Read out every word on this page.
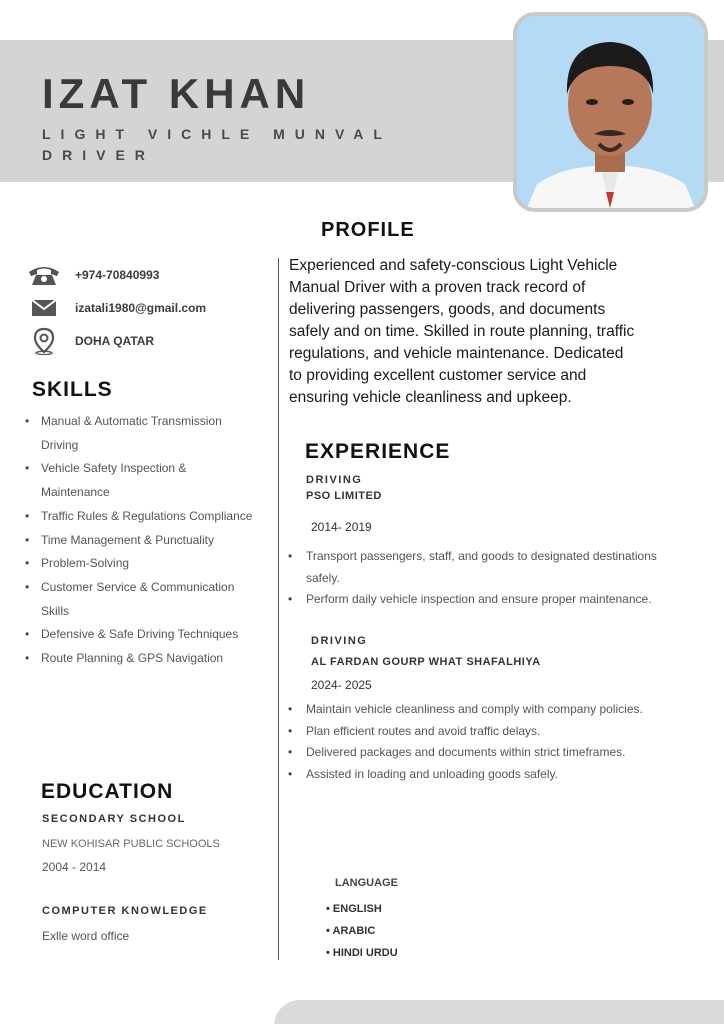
IZAT KHAN
LIGHT VICHLE MUNVAL DRIVER
+974-70840993
izatali1980@gmail.com
DOHA QATAR
SKILLS
• Manual & Automatic Transmission Driving
• Vehicle Safety Inspection & Maintenance
• Traffic Rules & Regulations Compliance
• Time Management & Punctuality
• Problem-Solving
• Customer Service & Communication Skills
• Defensive & Safe Driving Techniques
• Route Planning & GPS Navigation
EDUCATION
SECONDARY SCHOOL
NEW KOHISAR PUBLIC SCHOOLS
2004 - 2014
COMPUTER KNOWLEDGE
Exlle word office
PROFILE
Experienced and safety-conscious Light Vehicle Manual Driver with a proven track record of delivering passengers, goods, and documents safely and on time. Skilled in route planning, traffic regulations, and vehicle maintenance. Dedicated to providing excellent customer service and ensuring vehicle cleanliness and upkeep.
EXPERIENCE
DRIVING
PSO LIMITED
2014- 2019
• Transport passengers, staff, and goods to designated destinations safely.
• Perform daily vehicle inspection and ensure proper maintenance.
DRIVING
AL FARDAN GOURP WHAT SHAFALHIYA
2024- 2025
• Maintain vehicle cleanliness and comply with company policies.
• Plan efficient routes and avoid traffic delays.
• Delivered packages and documents within strict timeframes.
• Assisted in loading and unloading goods safely.
LANGUAGE
• ENGLISH
• ARABIC
• HINDI URDU
